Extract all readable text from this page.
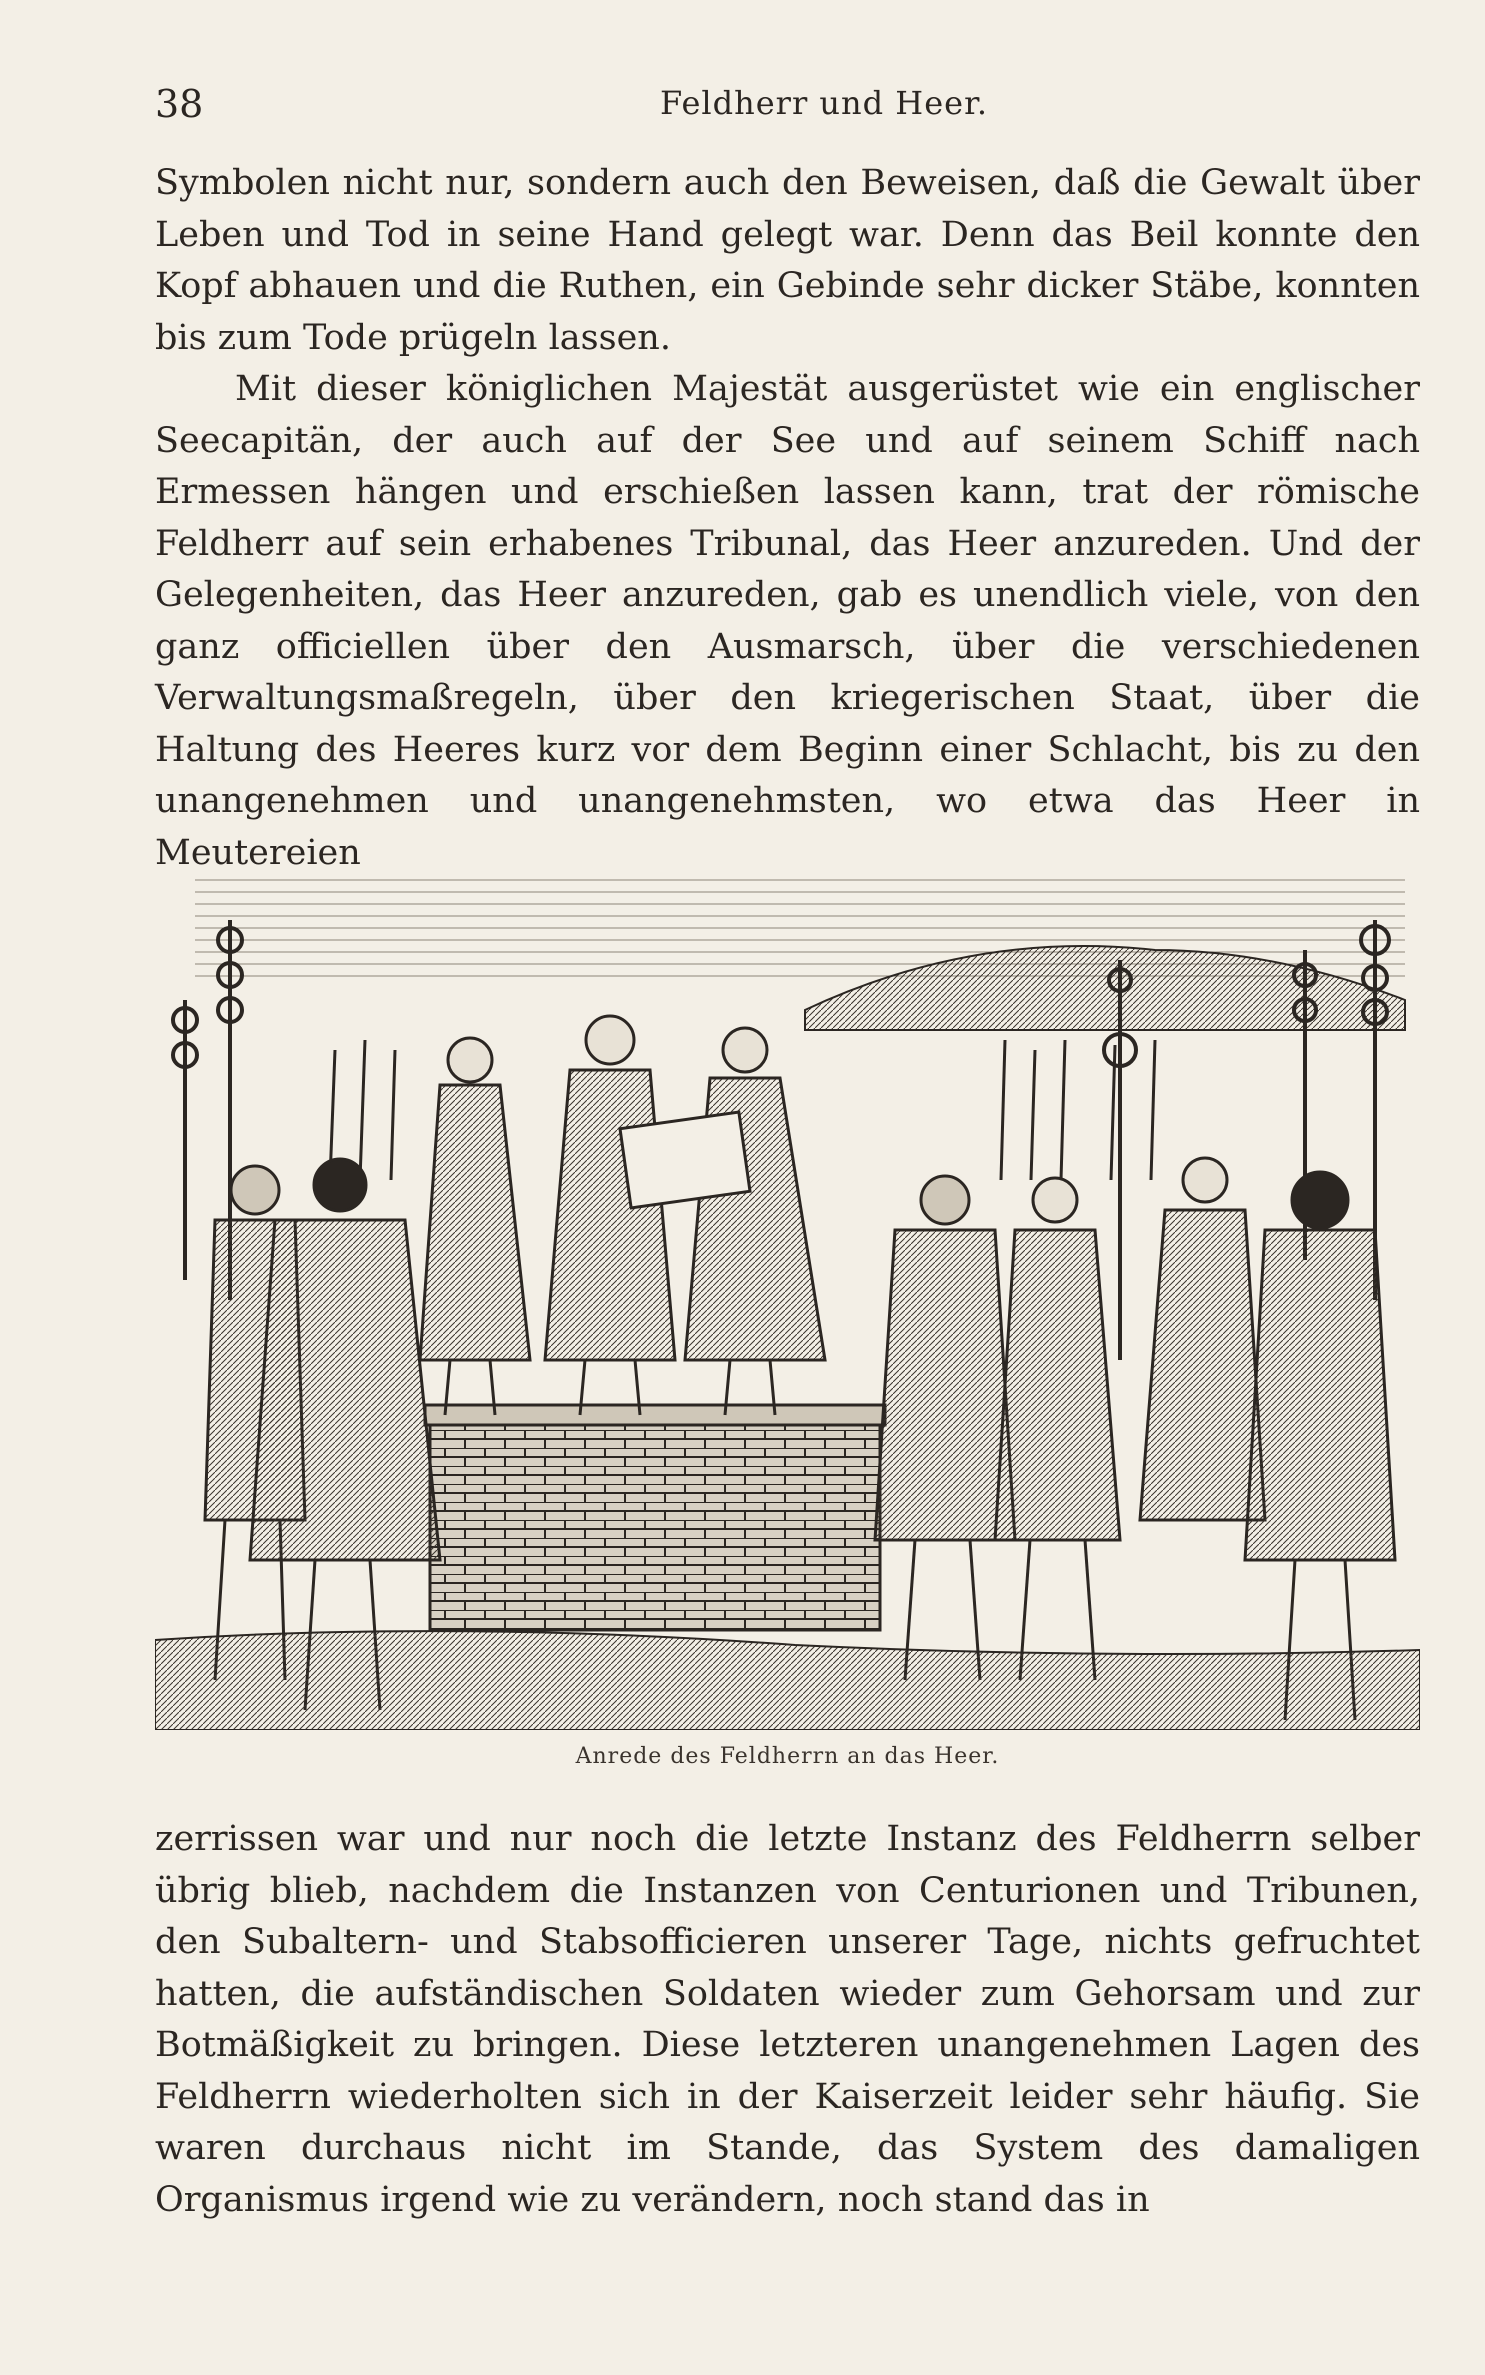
38	Feldherr und Heer.

Symbolen nicht nur, sondern auch den Beweisen, daß die Gewalt über Leben und Tod in seine Hand gelegt war. Denn das Beil konnte den Kopf abhauen und die Ruthen, ein Gebinde sehr dicker Stäbe, konnten bis zum Tode prügeln lassen.

Mit dieser königlichen Majestät ausgerüstet wie ein englischer Seecapitän, der auch auf der See und auf seinem Schiff nach Ermessen hängen und erschießen lassen kann, trat der römische Feldherr auf sein erhabenes Tribunal, das Heer anzureden. Und der Gelegenheiten, das Heer anzureden, gab es unendlich viele, von den ganz officiellen über den Ausmarsch, über die verschiedenen Verwaltungsmaßregeln, über den kriegerischen Staat, über die Haltung des Heeres kurz vor dem Beginn einer Schlacht, bis zu den unangenehmen und unangenehmsten, wo etwa das Heer in Meutereien

Anrede des Feldherrn an das Heer.

zerrissen war und nur noch die letzte Instanz des Feldherrn selber übrig blieb, nachdem die Instanzen von Centurionen und Tribunen, den Subaltern- und Stabsofficieren unserer Tage, nichts gefruchtet hatten, die aufständischen Soldaten wieder zum Gehorsam und zur Botmäßigkeit zu bringen. Diese letzteren unangenehmen Lagen des Feldherrn wiederholten sich in der Kaiserzeit leider sehr häufig. Sie waren durchaus nicht im Stande, das System des damaligen Organismus irgend wie zu verändern, noch stand das in
